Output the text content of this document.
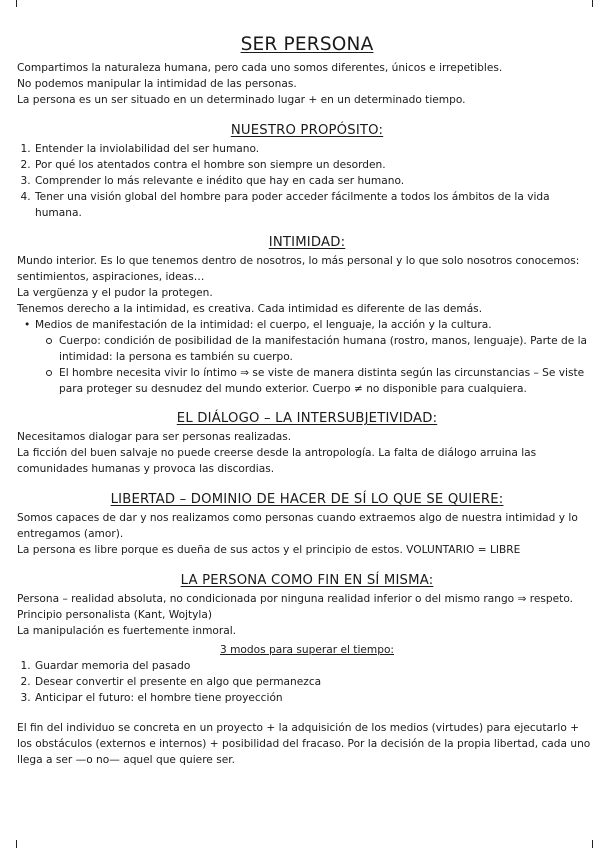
SER PERSONA

Compartimos la naturaleza humana, pero cada uno somos diferentes, únicos e irrepetibles.

No podemos manipular la intimidad de las personas.

La persona es un ser situado en un determinado lugar + en un determinado tiempo.

NUESTRO PROPÓSITO:
1. Entender la inviolabilidad del ser humano.
2. Por qué los atentados contra el hombre son siempre un desorden.
3. Comprender lo más relevante e inédito que hay en cada ser humano.
4. Tener una visión global del hombre para poder acceder fácilmente a todos los ámbitos de la vida humana.
INTIMIDAD:

Mundo interior. Es lo que tenemos dentro de nosotros, lo más personal y lo que solo nosotros conocemos: sentimientos, aspiraciones, ideas…

La vergüenza y el pudor la protegen.

Tenemos derecho a la intimidad, es creativa. Cada intimidad es diferente de las demás.

• Medios de manifestación de la intimidad: el cuerpo, el lenguaje, la acción y la cultura.
Cuerpo: condición de posibilidad de la manifestación humana (rostro, manos, lenguaje). Parte de la intimidad: la persona es también su cuerpo.
El hombre necesita vivir lo íntimo ⇒ se viste de manera distinta según las circunstancias – Se viste para proteger su desnudez del mundo exterior. Cuerpo ≠ no disponible para cualquiera.
EL DIÁLOGO – LA INTERSUBJETIVIDAD:

Necesitamos dialogar para ser personas realizadas.

La ficción del buen salvaje no puede creerse desde la antropología. La falta de diálogo arruina las comunidades humanas y provoca las discordias.

LIBERTAD – DOMINIO DE HACER DE SÍ LO QUE SE QUIERE:

Somos capaces de dar y nos realizamos como personas cuando extraemos algo de nuestra intimidad y lo entregamos (amor).

La persona es libre porque es dueña de sus actos y el principio de estos. VOLUNTARIO = LIBRE

LA PERSONA COMO FIN EN SÍ MISMA:

Persona – realidad absoluta, no condicionada por ninguna realidad inferior o del mismo rango ⇒ respeto. Principio personalista (Kant, Wojtyla)

La manipulación es fuertemente inmoral.

3 modos para superar el tiempo:
1. Guardar memoria del pasado
2. Desear convertir el presente en algo que permanezca
3. Anticipar el futuro: el hombre tiene proyección

El fin del individuo se concreta en un proyecto + la adquisición de los medios (virtudes) para ejecutarlo + los obstáculos (externos e internos) + posibilidad del fracaso. Por la decisión de la propia libertad, cada uno llega a ser —o no— aquel que quiere ser.
